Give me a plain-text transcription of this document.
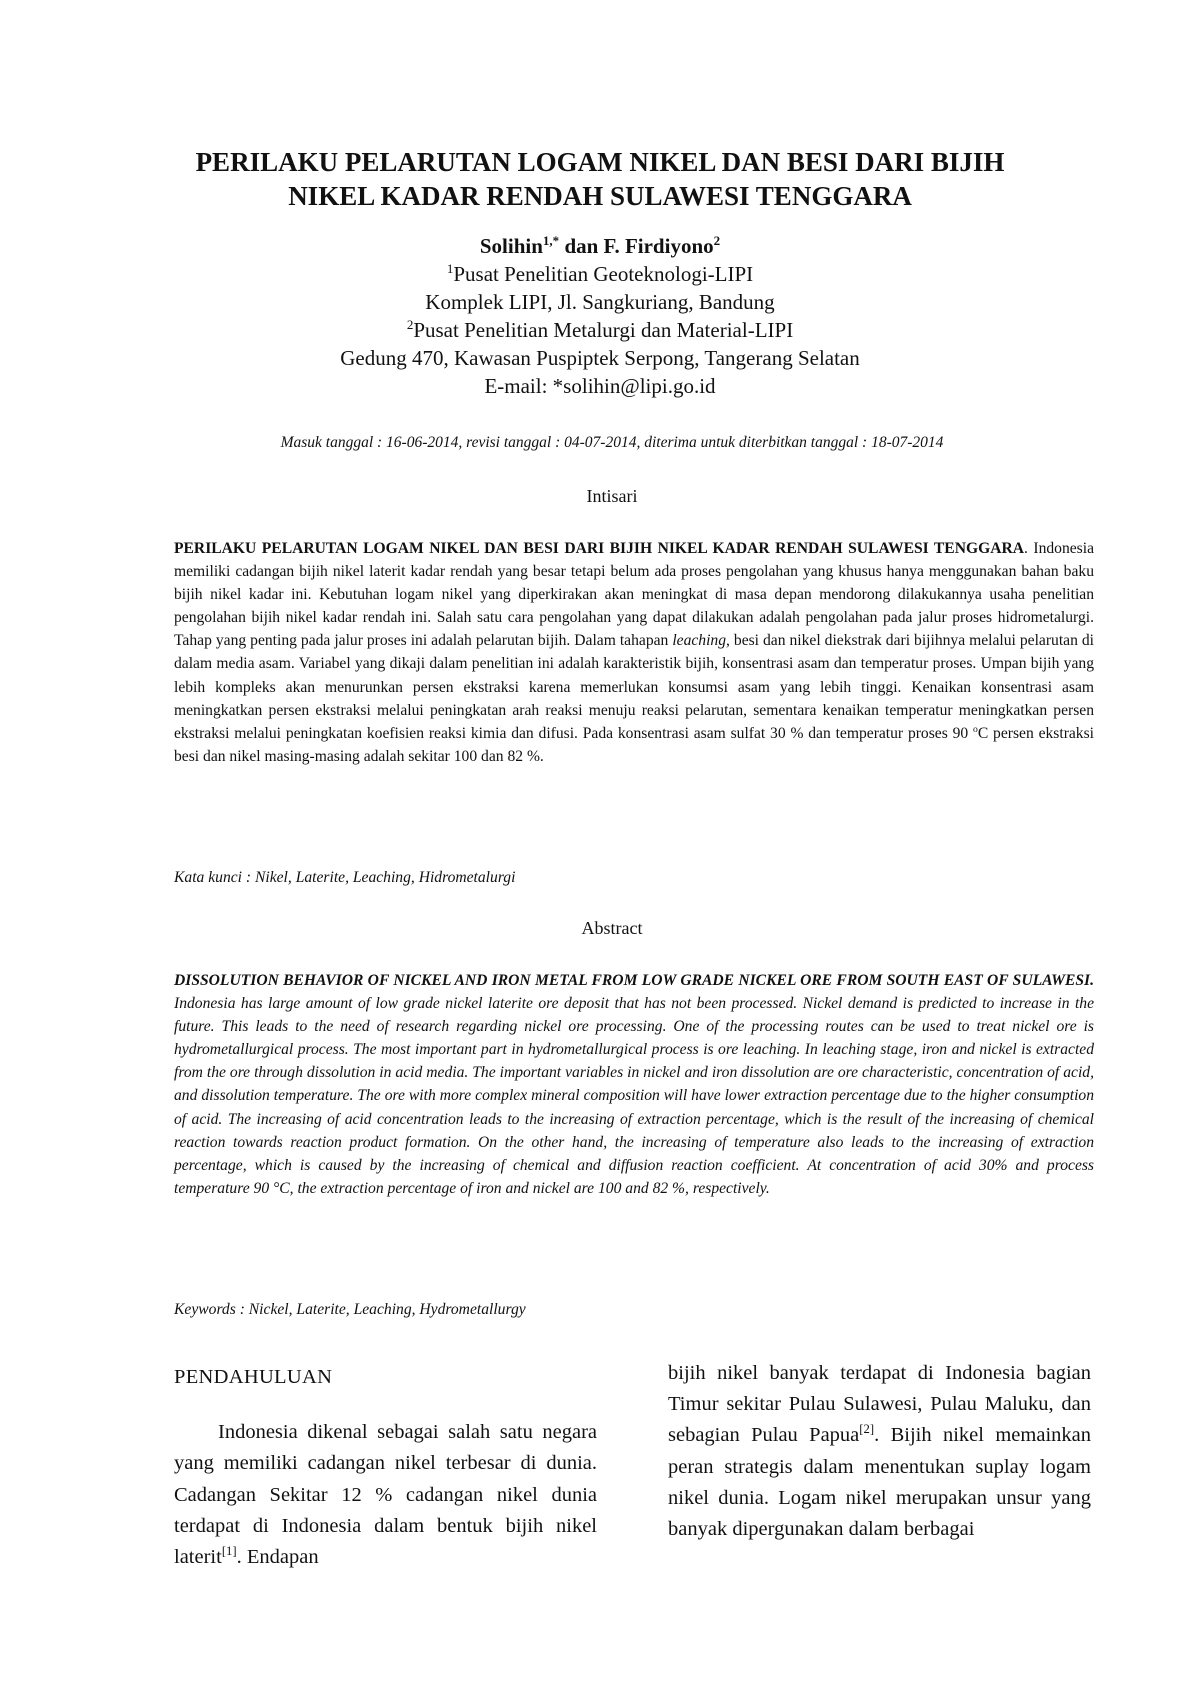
PERILAKU PELARUTAN LOGAM NIKEL DAN BESI DARI BIJIH
NIKEL KADAR RENDAH SULAWESI TENGGARA
Solihin$^{1,*}$ dan F. Firdiyono$^2$
$^1$Pusat Penelitian Geoteknologi-LIPI
Komplek LIPI, Jl. Sangkuriang, Bandung
$^2$Pusat Penelitian Metalurgi dan Material-LIPI
Gedung 470, Kawasan Puspiptek Serpong, Tangerang Selatan
E-mail: *solihin@lipi.go.id
Masuk tanggal : 16-06-2014, revisi tanggal : 04-07-2014, diterima untuk diterbitkan tanggal : 18-07-2014
Intisari
PERILAKU PELARUTAN LOGAM NIKEL DAN BESI DARI BIJIH NIKEL KADAR RENDAH SULAWESI TENGGARA. Indonesia memiliki cadangan bijih nikel laterit kadar rendah yang besar tetapi belum ada proses pengolahan yang khusus hanya menggunakan bahan baku bijih nikel kadar ini. Kebutuhan logam nikel yang diperkirakan akan meningkat di masa depan mendorong dilakukannya usaha penelitian pengolahan bijih nikel kadar rendah ini. Salah satu cara pengolahan yang dapat dilakukan adalah pengolahan pada jalur proses hidrometalurgi. Tahap yang penting pada jalur proses ini adalah pelarutan bijih. Dalam tahapan leaching, besi dan nikel diekstrak dari bijihnya melalui pelarutan di dalam media asam. Variabel yang dikaji dalam penelitian ini adalah karakteristik bijih, konsentrasi asam dan temperatur proses. Umpan bijih yang lebih kompleks akan menurunkan persen ekstraksi karena memerlukan konsumsi asam yang lebih tinggi. Kenaikan konsentrasi asam meningkatkan persen ekstraksi melalui peningkatan arah reaksi menuju reaksi pelarutan, sementara kenaikan temperatur meningkatkan persen ekstraksi melalui peningkatan koefisien reaksi kimia dan difusi. Pada konsentrasi asam sulfat 30 % dan temperatur proses 90 $^o$C persen ekstraksi besi dan nikel masing-masing adalah sekitar 100 dan 82 %.
Kata kunci : Nikel, Laterite, Leaching, Hidrometalurgi
Abstract
DISSOLUTION BEHAVIOR OF NICKEL AND IRON METAL FROM LOW GRADE NICKEL ORE FROM SOUTH EAST OF SULAWESI. Indonesia has large amount of low grade nickel laterite ore deposit that has not been processed. Nickel demand is predicted to increase in the future. This leads to the need of research regarding nickel ore processing. One of the processing routes can be used to treat nickel ore is hydrometallurgical process. The most important part in hydrometallurgical process is ore leaching. In leaching stage, iron and nickel is extracted from the ore through dissolution in acid media. The important variables in nickel and iron dissolution are ore characteristic, concentration of acid, and dissolution temperature. The ore with more complex mineral composition will have lower extraction percentage due to the higher consumption of acid. The increasing of acid concentration leads to the increasing of extraction percentage, which is the result of the increasing of chemical reaction towards reaction product formation. On the other hand, the increasing of temperature also leads to the increasing of extraction percentage, which is caused by the increasing of chemical and diffusion reaction coefficient. At concentration of acid 30% and process temperature 90 °C, the extraction percentage of iron and nickel are 100 and 82 %, respectively.
Keywords : Nickel, Laterite, Leaching, Hydrometallurgy
PENDAHULUAN
Indonesia dikenal sebagai salah satu negara yang memiliki cadangan nikel terbesar di dunia. Cadangan Sekitar 12 % cadangan nikel dunia terdapat di Indonesia dalam bentuk bijih nikel laterit[1]. Endapan
bijih nikel banyak terdapat di Indonesia bagian Timur sekitar Pulau Sulawesi, Pulau Maluku, dan sebagian Pulau Papua[2]. Bijih nikel memainkan peran strategis dalam menentukan suplay logam nikel dunia. Logam nikel merupakan unsur yang banyak dipergunakan dalam berbagai
